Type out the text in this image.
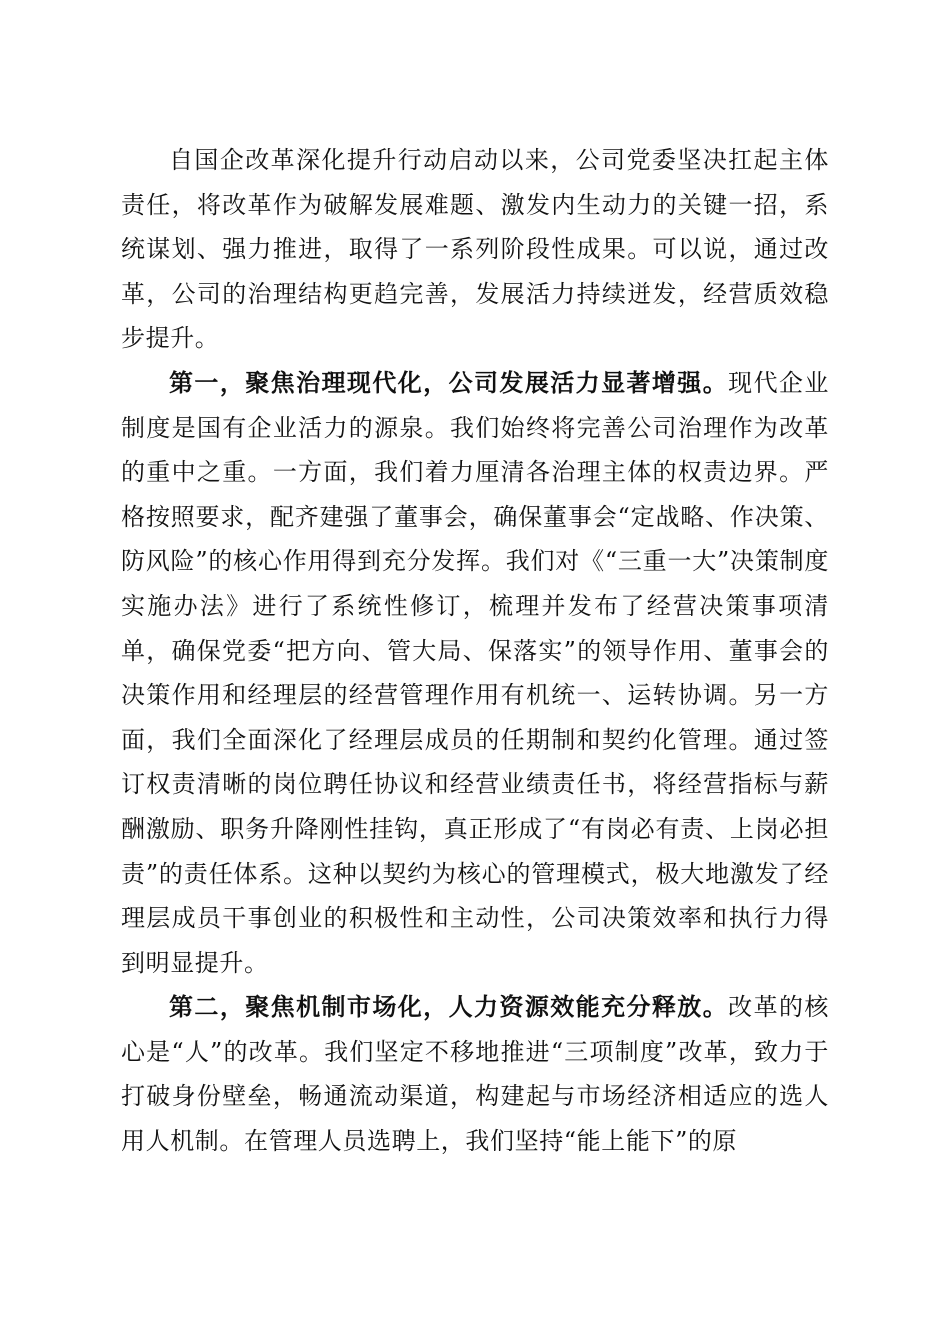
自国企改革深化提升行动启动以来，公司党委坚决扛起主体责任，将改革作为破解发展难题、激发内生动力的关键一招，系统谋划、强力推进，取得了一系列阶段性成果。可以说，通过改革，公司的治理结构更趋完善，发展活力持续迸发，经营质效稳步提升。

第一，聚焦治理现代化，公司发展活力显著增强。现代企业制度是国有企业活力的源泉。我们始终将完善公司治理作为改革的重中之重。一方面，我们着力厘清各治理主体的权责边界。严格按照要求，配齐建强了董事会，确保董事会“定战略、作决策、防风险”的核心作用得到充分发挥。我们对《“三重一大”决策制度实施办法》进行了系统性修订，梳理并发布了经营决策事项清单，确保党委“把方向、管大局、保落实”的领导作用、董事会的决策作用和经理层的经营管理作用有机统一、运转协调。另一方面，我们全面深化了经理层成员的任期制和契约化管理。通过签订权责清晰的岗位聘任协议和经营业绩责任书，将经营指标与薪酬激励、职务升降刚性挂钩，真正形成了“有岗必有责、上岗必担责”的责任体系。这种以契约为核心的管理模式，极大地激发了经理层成员干事创业的积极性和主动性，公司决策效率和执行力得到明显提升。

第二，聚焦机制市场化，人力资源效能充分释放。改革的核心是“人”的改革。我们坚定不移地推进“三项制度”改革，致力于打破身份壁垒，畅通流动渠道，构建起与市场经济相适应的选人用人机制。在管理人员选聘上，我们坚持“能上能下”的原
